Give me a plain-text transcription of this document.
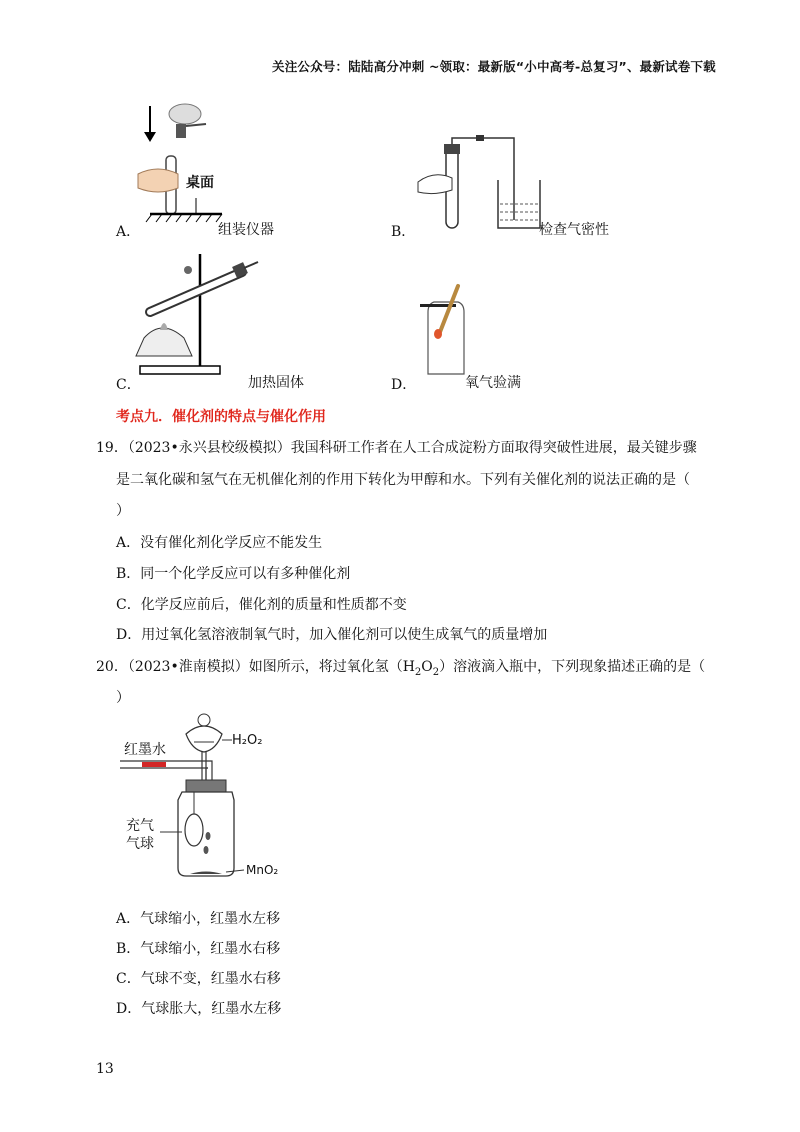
关注公众号：陆陆高分冲刺 ~领取：最新版“小中高考-总复习”、最新试卷下载
桌面
A．	组装仪器	B．	检查气密性
C．	加热固体	D．	氧气验满
考点九．催化剂的特点与催化作用
19．（2023•永兴县校级模拟）我国科研工作者在人工合成淀粉方面取得突破性进展，最关键步骤
是二氧化碳和氢气在无机催化剂的作用下转化为甲醇和水。下列有关催化剂的说法正确的是（
）
A．没有催化剂化学反应不能发生
B．同一个化学反应可以有多种催化剂
C．化学反应前后，催化剂的质量和性质都不变
D．用过氧化氢溶液制氧气时，加入催化剂可以使生成氧气的质量增加
20．（2023•淮南模拟）如图所示，将过氧化氢$(H_2O_2)$溶液滴入瓶中，下列现象描述正确的是（
）
红墨水
H₂O₂
充气
气球
MnO₂
A．气球缩小，红墨水左移
B．气球缩小，红墨水右移
C．气球不变，红墨水右移
D．气球胀大，红墨水左移
13
